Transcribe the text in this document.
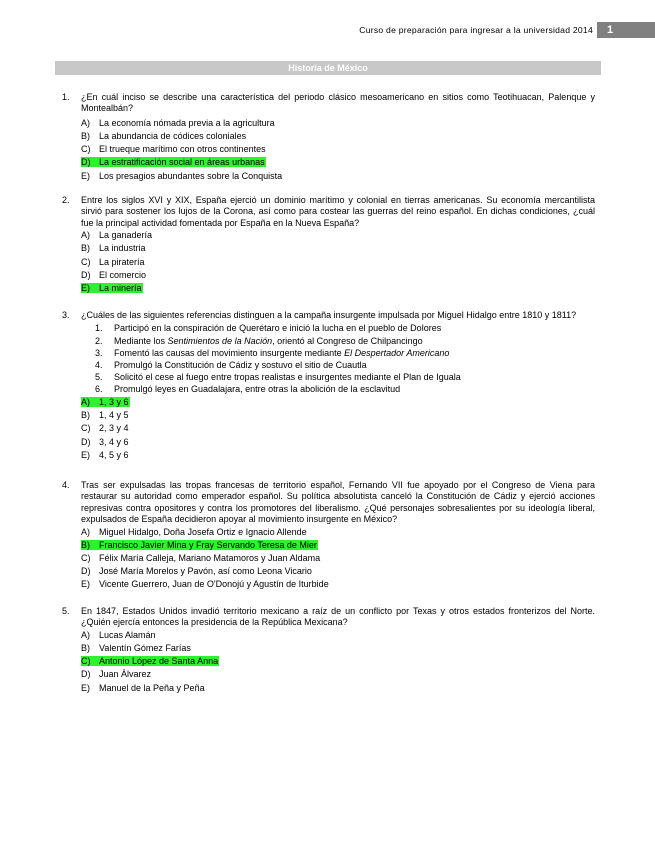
Curso de preparación para ingresar a la universidad 2014	1
Historia de México
1. ¿En cuál inciso se describe una característica del periodo clásico mesoamericano en sitios como Teotihuacan, Palenque y Montealbán?
A) La economía nómada previa a la agricultura
B) La abundancia de códices coloniales
C) El trueque marítimo con otros continentes
D) La estratificación social en áreas urbanas
E) Los presagios abundantes sobre la Conquista
2. Entre los siglos XVI y XIX, España ejerció un dominio marítimo y colonial en tierras americanas. Su economía mercantilista sirvió para sostener los lujos de la Corona, así como para costear las guerras del reino español. En dichas condiciones, ¿cuál fue la principal actividad fomentada por España en la Nueva España?
A) La ganadería
B) La industria
C) La piratería
D) El comercio
E) La minería
3. ¿Cuáles de las siguientes referencias distinguen a la campaña insurgente impulsada por Miguel Hidalgo entre 1810 y 1811?
1. Participó en la conspiración de Querétaro e inició la lucha en el pueblo de Dolores
2. Mediante los Sentimientos de la Nación, orientó al Congreso de Chilpancingo
3. Fomentó las causas del movimiento insurgente mediante El Despertador Americano
4. Promulgó la Constitución de Cádiz y sostuvo el sitio de Cuautla
5. Solicitó el cese al fuego entre tropas realistas e insurgentes mediante el Plan de Iguala
6. Promulgó leyes en Guadalajara, entre otras la abolición de la esclavitud
A) 1, 3 y 6
B) 1, 4 y 5
C) 2, 3 y 4
D) 3, 4 y 6
E) 4, 5 y 6
4. Tras ser expulsadas las tropas francesas de territorio español, Fernando VII fue apoyado por el Congreso de Viena para restaurar su autoridad como emperador español. Su política absolutista canceló la Constitución de Cádiz y ejerció acciones represivas contra opositores y contra los promotores del liberalismo. ¿Qué personajes sobresalientes por su ideología liberal, expulsados de España decidieron apoyar al movimiento insurgente en México?
A) Miguel Hidalgo, Doña Josefa Ortiz e Ignacio Allende
B) Francisco Javier Mina y Fray Servando Teresa de Mier
C) Félix María Calleja, Mariano Matamoros y Juan Aldama
D) José María Morelos y Pavón, así como Leona Vicario
E) Vicente Guerrero, Juan de O'Donojú y Agustín de Iturbide
5. En 1847, Estados Unidos invadió territorio mexicano a raíz de un conflicto por Texas y otros estados fronterizos del Norte. ¿Quién ejercía entonces la presidencia de la República Mexicana?
A) Lucas Alamán
B) Valentín Gómez Farías
C) Antonio López de Santa Anna
D) Juan Álvarez
E) Manuel de la Peña y Peña
